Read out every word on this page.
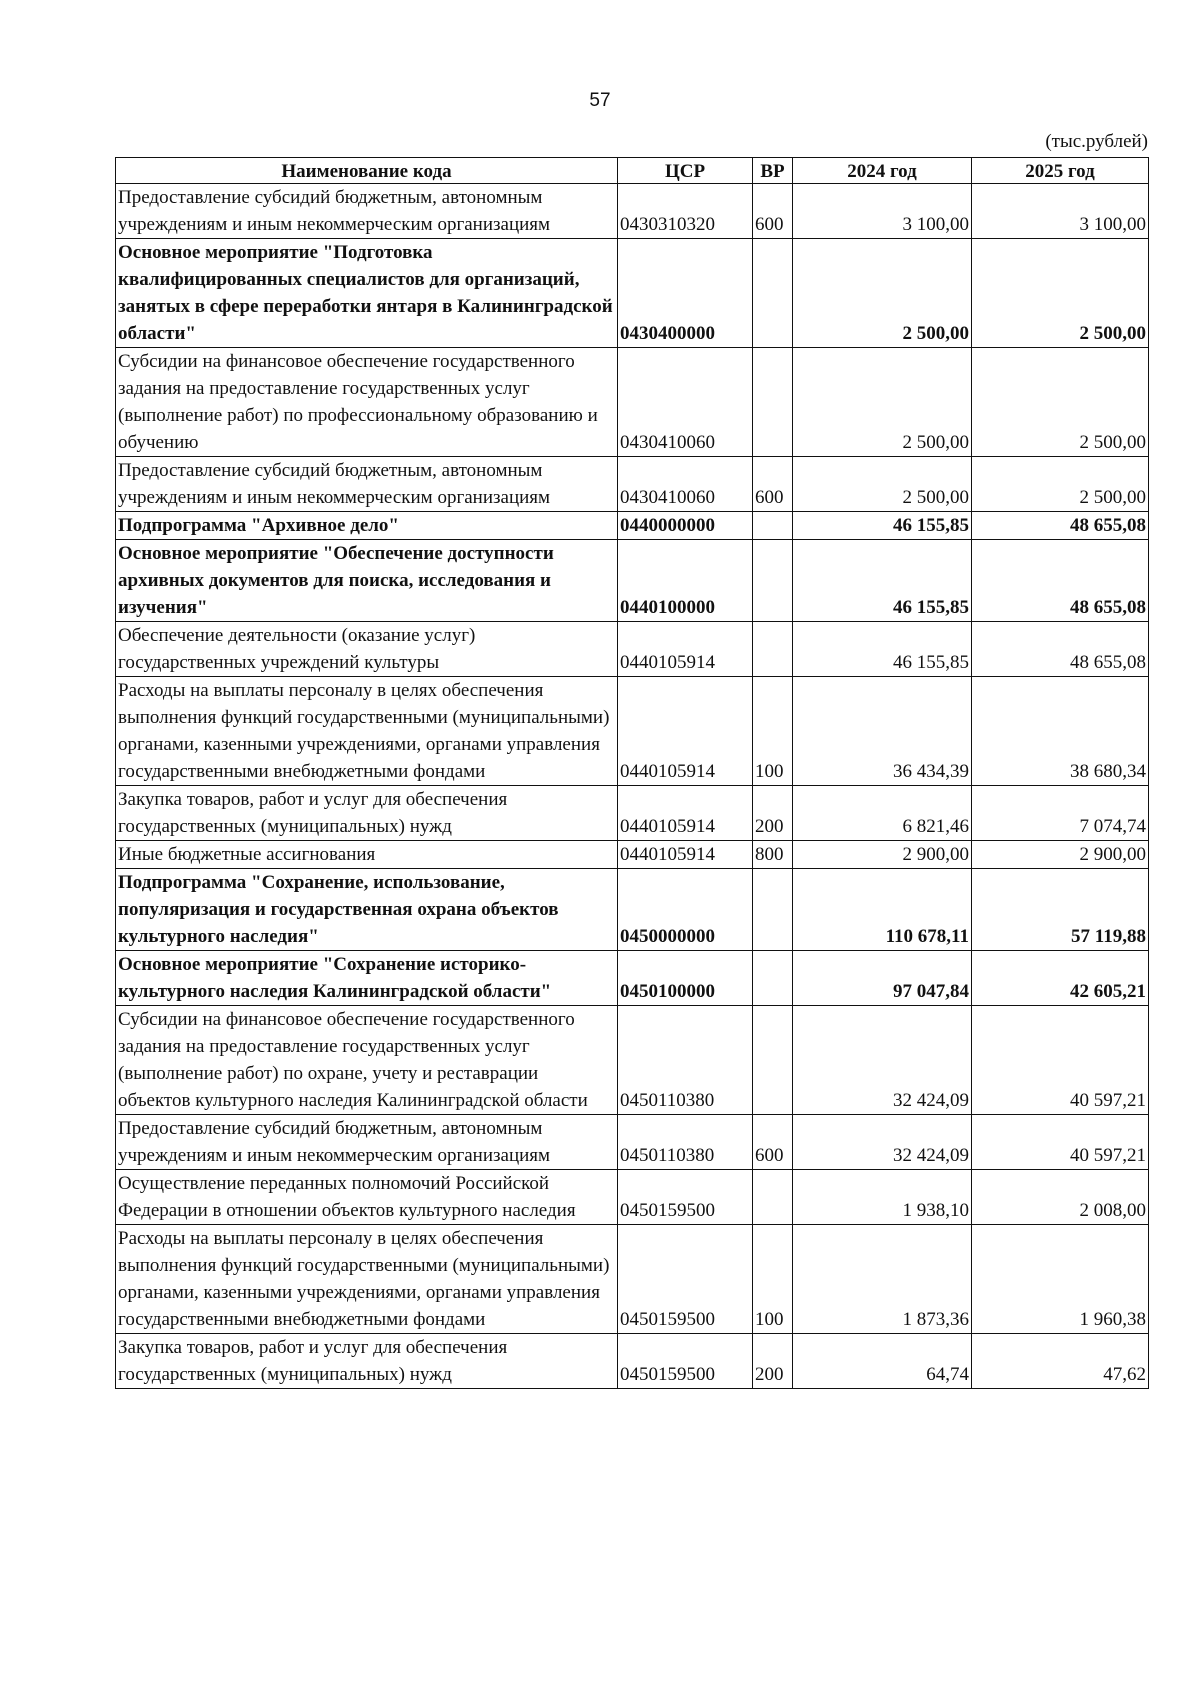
57
(тыс.рублей)
Наименование кода	ЦСР	ВР	2024 год	2025 год
Предоставление субсидий бюджетным, автономным учреждениям и иным некоммерческим организациям	0430310320	600	3 100,00	3 100,00
Основное мероприятие "Подготовка квалифицированных специалистов для организаций, занятых в сфере переработки янтаря в Калининградской области"	0430400000		2 500,00	2 500,00
Субсидии на финансовое обеспечение государственного задания на предоставление государственных услуг (выполнение работ) по профессиональному образованию и обучению	0430410060		2 500,00	2 500,00
Предоставление субсидий бюджетным, автономным учреждениям и иным некоммерческим организациям	0430410060	600	2 500,00	2 500,00
Подпрограмма "Архивное дело"	0440000000		46 155,85	48 655,08
Основное мероприятие "Обеспечение доступности архивных документов для поиска, исследования и изучения"	0440100000		46 155,85	48 655,08
Обеспечение деятельности (оказание услуг) государственных учреждений культуры	0440105914		46 155,85	48 655,08
Расходы на выплаты персоналу в целях обеспечения выполнения функций государственными (муниципальными) органами, казенными учреждениями, органами управления государственными внебюджетными фондами	0440105914	100	36 434,39	38 680,34
Закупка товаров, работ и услуг для обеспечения государственных (муниципальных) нужд	0440105914	200	6 821,46	7 074,74
Иные бюджетные ассигнования	0440105914	800	2 900,00	2 900,00
Подпрограмма "Сохранение, использование, популяризация и государственная охрана объектов культурного наследия"	0450000000		110 678,11	57 119,88
Основное мероприятие "Сохранение историко-культурного наследия Калининградской области"	0450100000		97 047,84	42 605,21
Субсидии на финансовое обеспечение государственного задания на предоставление государственных услуг (выполнение работ) по охране, учету и реставрации объектов культурного наследия Калининградской области	0450110380		32 424,09	40 597,21
Предоставление субсидий бюджетным, автономным учреждениям и иным некоммерческим организациям	0450110380	600	32 424,09	40 597,21
Осуществление переданных полномочий Российской Федерации в отношении объектов культурного наследия	0450159500		1 938,10	2 008,00
Расходы на выплаты персоналу в целях обеспечения выполнения функций государственными (муниципальными) органами, казенными учреждениями, органами управления государственными внебюджетными фондами	0450159500	100	1 873,36	1 960,38
Закупка товаров, работ и услуг для обеспечения государственных (муниципальных) нужд	0450159500	200	64,74	47,62
